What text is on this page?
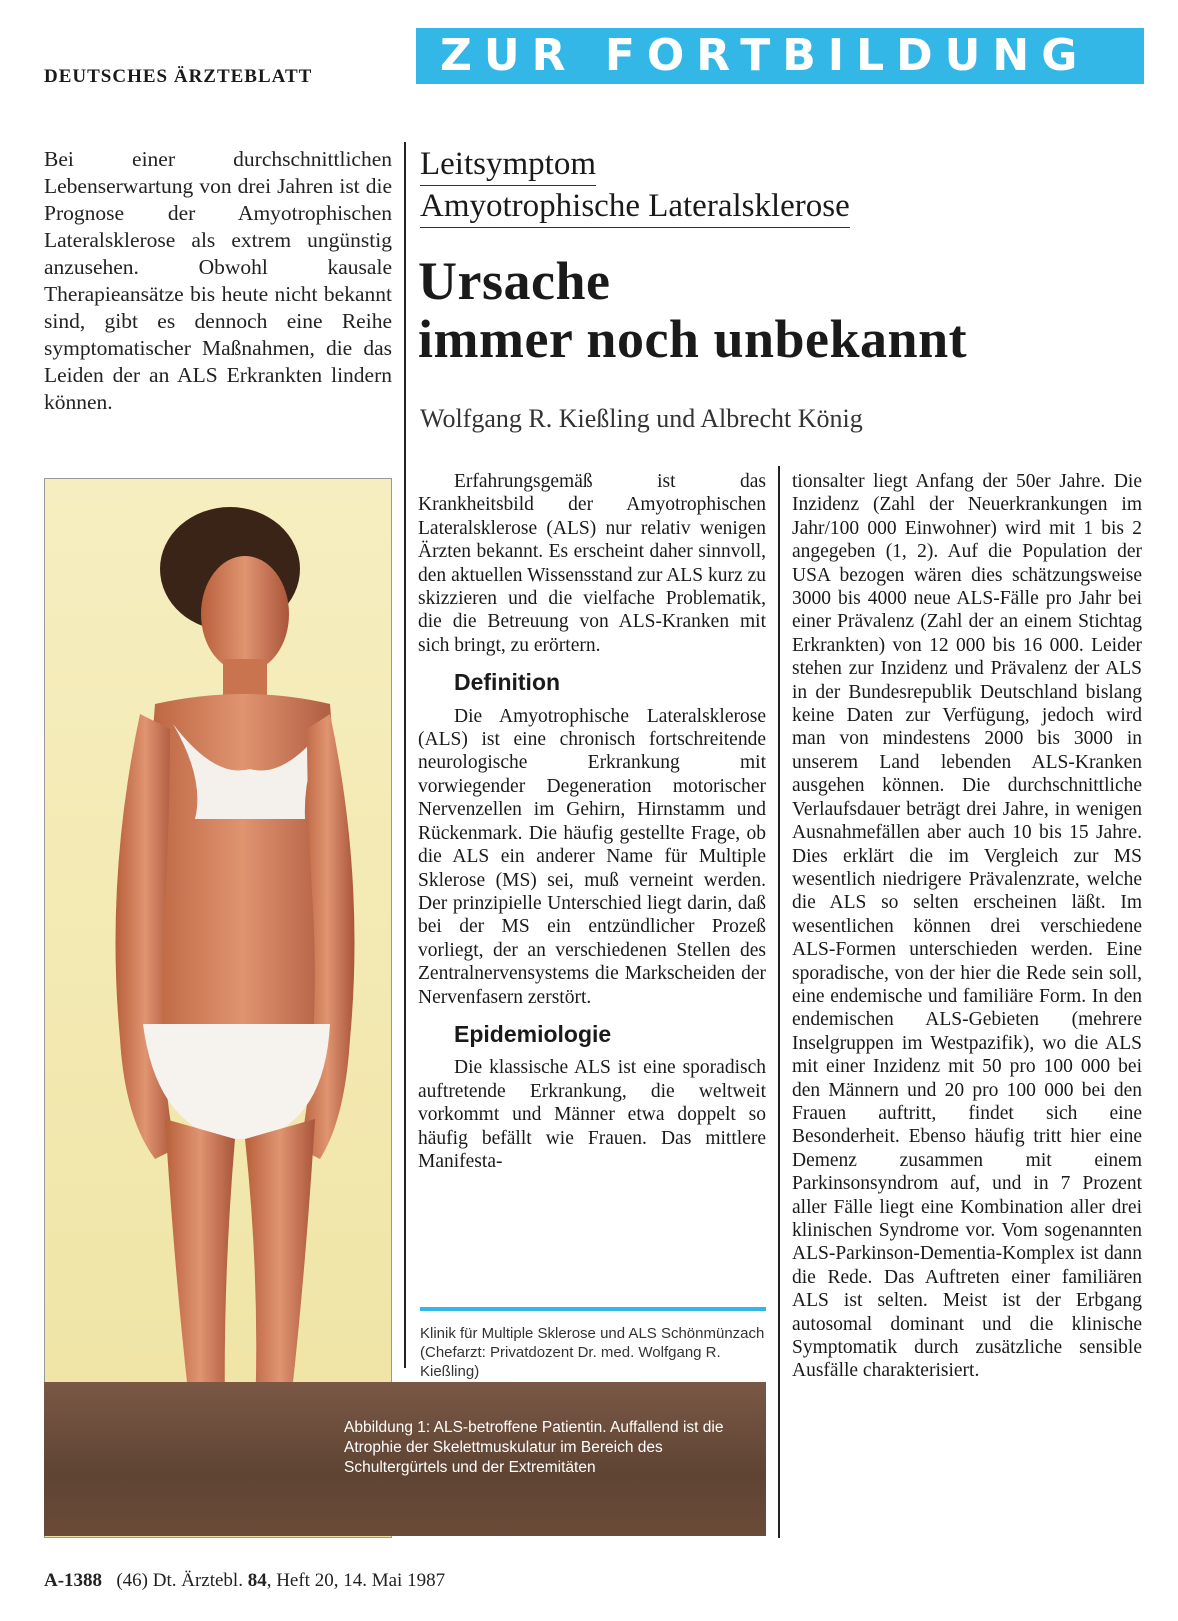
DEUTSCHES ÄRZTEBLATT	ZUR FORTBILDUNG
Bei einer durchschnittlichen Lebenserwartung von drei Jahren ist die Prognose der Amyotrophischen Lateralsklerose als extrem ungünstig anzusehen. Obwohl kausale Therapieansätze bis heute nicht bekannt sind, gibt es dennoch eine Reihe symptomatischer Maßnahmen, die das Leiden der an ALS Erkrankten lindern können.
Leitsymptom
Amyotrophische Lateralsklerose
Ursache
immer noch unbekannt
Wolfgang R. Kießling und Albrecht König
Abbildung 1: ALS-betroffene Patientin. Auffallend ist die Atrophie der Skelettmuskulatur im Bereich des Schultergürtels und der Extremitäten

Erfahrungsgemäß ist das Krankheitsbild der Amyotrophischen Lateralsklerose (ALS) nur relativ wenigen Ärzten bekannt. Es erscheint daher sinnvoll, den aktuellen Wissensstand zur ALS kurz zu skizzieren und die vielfache Problematik, die die Betreuung von ALS-Kranken mit sich bringt, zu erörtern.

Definition

Die Amyotrophische Lateralsklerose (ALS) ist eine chronisch fortschreitende neurologische Erkrankung mit vorwiegender Degeneration motorischer Nervenzellen im Gehirn, Hirnstamm und Rückenmark. Die häufig gestellte Frage, ob die ALS ein anderer Name für Multiple Sklerose (MS) sei, muß verneint werden. Der prinzipielle Unterschied liegt darin, daß bei der MS ein entzündlicher Prozeß vorliegt, der an verschiedenen Stellen des Zentralnervensystems die Markscheiden der Nervenfasern zerstört.

Epidemiologie

Die klassische ALS ist eine sporadisch auftretende Erkrankung, die weltweit vorkommt und Männer etwa doppelt so häufig befällt wie Frauen. Das mittlere Manifesta-

Klinik für Multiple Sklerose und ALS Schönmünzach (Chefarzt: Privatdozent Dr. med. Wolfgang R. Kießling)

tionsalter liegt Anfang der 50er Jahre. Die Inzidenz (Zahl der Neuerkrankungen im Jahr/100 000 Einwohner) wird mit 1 bis 2 angegeben (1, 2). Auf die Population der USA bezogen wären dies schätzungsweise 3000 bis 4000 neue ALS-Fälle pro Jahr bei einer Prävalenz (Zahl der an einem Stichtag Erkrankten) von 12 000 bis 16 000. Leider stehen zur Inzidenz und Prävalenz der ALS in der Bundesrepublik Deutschland bislang keine Daten zur Verfügung, jedoch wird man von mindestens 2000 bis 3000 in unserem Land lebenden ALS-Kranken ausgehen können. Die durchschnittliche Verlaufsdauer beträgt drei Jahre, in wenigen Ausnahmefällen aber auch 10 bis 15 Jahre. Dies erklärt die im Vergleich zur MS wesentlich niedrigere Prävalenzrate, welche die ALS so selten erscheinen läßt. Im wesentlichen können drei verschiedene ALS-Formen unterschieden werden. Eine sporadische, von der hier die Rede sein soll, eine endemische und familiäre Form. In den endemischen ALS-Gebieten (mehrere Inselgruppen im Westpazifik), wo die ALS mit einer Inzidenz mit 50 pro 100 000 bei den Männern und 20 pro 100 000 bei den Frauen auftritt, findet sich eine Besonderheit. Ebenso häufig tritt hier eine Demenz zusammen mit einem Parkinsonsyndrom auf, und in 7 Prozent aller Fälle liegt eine Kombination aller drei klinischen Syndrome vor. Vom sogenannten ALS-Parkinson-Dementia-Komplex ist dann die Rede. Das Auftreten einer familiären ALS ist selten. Meist ist der Erbgang autosomal dominant und die klinische Symptomatik durch zusätzliche sensible Ausfälle charakterisiert.

A-1388 (46) Dt. Ärztebl. 84, Heft 20, 14. Mai 1987
